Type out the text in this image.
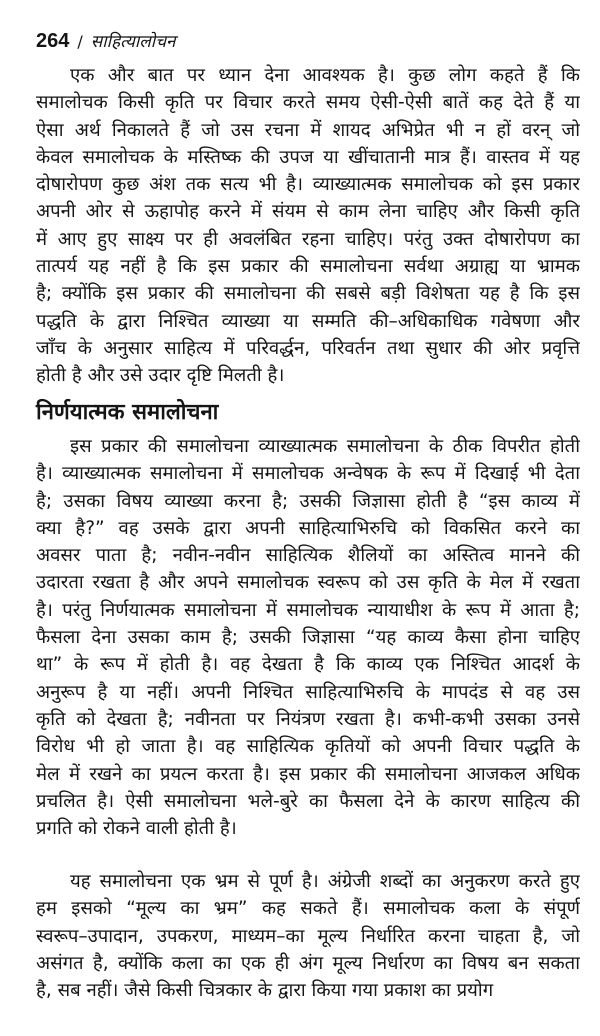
264 / साहित्यालोचन
एक और बात पर ध्यान देना आवश्यक है। कुछ लोग कहते हैं कि
समालोचक किसी कृति पर विचार करते समय ऐसी-ऐसी बातें कह देते हैं या
ऐसा अर्थ निकालते हैं जो उस रचना में शायद अभिप्रेत भी न हों वरन् जो
केवल समालोचक के मस्तिष्क की उपज या खींचातानी मात्र हैं। वास्तव में यह
दोषारोपण कुछ अंश तक सत्य भी है। व्याख्यात्मक समालोचक को इस प्रकार
अपनी ओर से ऊहापोह करने में संयम से काम लेना चाहिए और किसी कृति
में आए हुए साक्ष्य पर ही अवलंबित रहना चाहिए। परंतु उक्त दोषारोपण का
तात्पर्य यह नहीं है कि इस प्रकार की समालोचना सर्वथा अग्राह्य या भ्रामक
है; क्योंकि इस प्रकार की समालोचना की सबसे बड़ी विशेषता यह है कि इस
पद्धति के द्वारा निश्चित व्याख्या या सम्मति की–अधिकाधिक गवेषणा और
जाँच के अनुसार साहित्य में परिवर्द्धन, परिवर्तन तथा सुधार की ओर प्रवृत्ति
होती है और उसे उदार दृष्टि मिलती है।
निर्णयात्मक समालोचना
इस प्रकार की समालोचना व्याख्यात्मक समालोचना के ठीक विपरीत होती
है। व्याख्यात्मक समालोचना में समालोचक अन्वेषक के रूप में दिखाई भी देता
है; उसका विषय व्याख्या करना है; उसकी जिज्ञासा होती है “इस काव्य में
क्या है?” वह उसके द्वारा अपनी साहित्याभिरुचि को विकसित करने का
अवसर पाता है; नवीन-नवीन साहित्यिक शैलियों का अस्तित्व मानने की
उदारता रखता है और अपने समालोचक स्वरूप को उस कृति के मेल में रखता
है। परंतु निर्णयात्मक समालोचना में समालोचक न्यायाधीश के रूप में आता है;
फैसला देना उसका काम है; उसकी जिज्ञासा “यह काव्य कैसा होना चाहिए
था” के रूप में होती है। वह देखता है कि काव्य एक निश्चित आदर्श के
अनुरूप है या नहीं। अपनी निश्चित साहित्याभिरुचि के मापदंड से वह उस
कृति को देखता है; नवीनता पर नियंत्रण रखता है। कभी-कभी उसका उनसे
विरोध भी हो जाता है। वह साहित्यिक कृतियों को अपनी विचार पद्धति के
मेल में रखने का प्रयत्न करता है। इस प्रकार की समालोचना आजकल अधिक
प्रचलित है। ऐसी समालोचना भले-बुरे का फैसला देने के कारण साहित्य की
प्रगति को रोकने वाली होती है।
यह समालोचना एक भ्रम से पूर्ण है। अंग्रेजी शब्दों का अनुकरण करते हुए
हम इसको “मूल्य का भ्रम” कह सकते हैं। समालोचक कला के संपूर्ण
स्वरूप–उपादान, उपकरण, माध्यम–का मूल्य निर्धारित करना चाहता है, जो
असंगत है, क्योंकि कला का एक ही अंग मूल्य निर्धारण का विषय बन सकता
है, सब नहीं। जैसे किसी चित्रकार के द्वारा किया गया प्रकाश का प्रयोग
